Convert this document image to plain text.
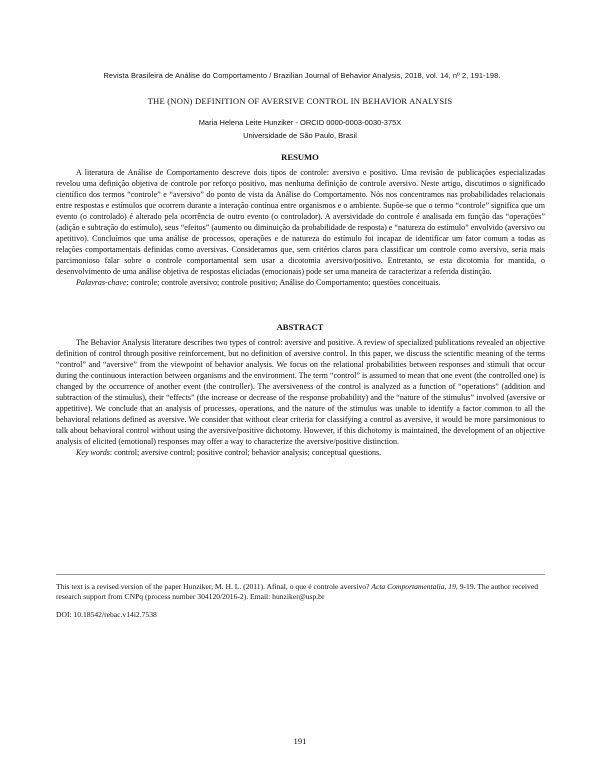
Revista Brasileira de Análise do Comportamento / Brazilian Journal of Behavior Analysis, 2018, vol. 14, nº 2, 191-198.
THE (NON) DEFINITION OF AVERSIVE CONTROL IN BEHAVIOR ANALYSIS
Maria Helena Leite Hunziker - ORCID 0000-0003-0030-375X
Universidade de São Paulo, Brasil
RESUMO

A literatura de Análise de Comportamento descreve dois tipos de controle: aversivo e positivo. Uma revisão de publicações especializadas revelou uma definição objetiva de controle por reforço positivo, mas nenhuma definição de controle aversivo. Neste artigo, discutimos o significado científico dos termos “controle” e “aversivo” do ponto de vista da Análise do Comportamento. Nós nos concentramos nas probabilidades relacionais entre respostas e estímulos que ocorrem durante a interação contínua entre organismos e o ambiente. Supõe-se que o termo “controle” significa que um evento (o controlado) é alterado pela ocorrência de outro evento (o controlador). A aversividade do controle é analisada em função das “operações” (adição e subtração do estímulo), seus “efeitos” (aumento ou diminuição da probabilidade de resposta) e “natureza do estímulo” envolvido (aversivo ou apetitivo). Concluímos que uma análise de processos, operações e de natureza do estímulo foi incapaz de identificar um fator comum a todas as relações comportamentais definidas como aversivas. Consideramos que, sem critérios claros para classificar um controle como aversivo, seria mais parcimonioso falar sobre o controle comportamental sem usar a dicotomia aversivo/positivo. Entretanto, se esta dicotomia for mantida, o desenvolvimento de uma análise objetiva de respostas eliciadas (emocionais) pode ser uma maneira de caracterizar a referida distinção.

Palavras-chave: controle; controle aversivo; controle positivo; Análise do Comportamento; questões conceituais.

ABSTRACT

The Behavior Analysis literature describes two types of control: aversive and positive. A review of specialized publications revealed an objective definition of control through positive reinforcement, but no definition of aversive control. In this paper, we discuss the scientific meaning of the terms “control” and “aversive” from the viewpoint of behavior analysis. We focus on the relational probabilities between responses and stimuli that occur during the continuous interaction between organisms and the environment. The term “control” is assumed to mean that one event (the controlled one) is changed by the occurrence of another event (the controller). The aversiveness of the control is analyzed as a function of “operations” (addition and subtraction of the stimulus), their “effects” (the increase or decrease of the response probability) and the “nature of the stimulus” involved (aversive or appetitive). We conclude that an analysis of processes, operations, and the nature of the stimulus was unable to identify a factor common to all the behavioral relations defined as aversive. We consider that without clear criteria for classifying a control as aversive, it would be more parsimonious to talk about behavioral control without using the aversive/positive dichotomy. However, if this dichotomy is maintained, the development of an objective analysis of elicited (emotional) responses may offer a way to characterize the aversive/positive distinction.

Key words: control; aversive control; positive control; behavior analysis; conceptual questions.

This text is a revised version of the paper Hunziker, M. H. L. (2011). Afinal, o que é controle aversivo? Acta Comportamentalia, 19, 9-19. The author received research support from CNPq (process number 304120/2016-2). Email: hunziker@usp.br
DOI: 10.18542/rebac.v14i2.7538
191
